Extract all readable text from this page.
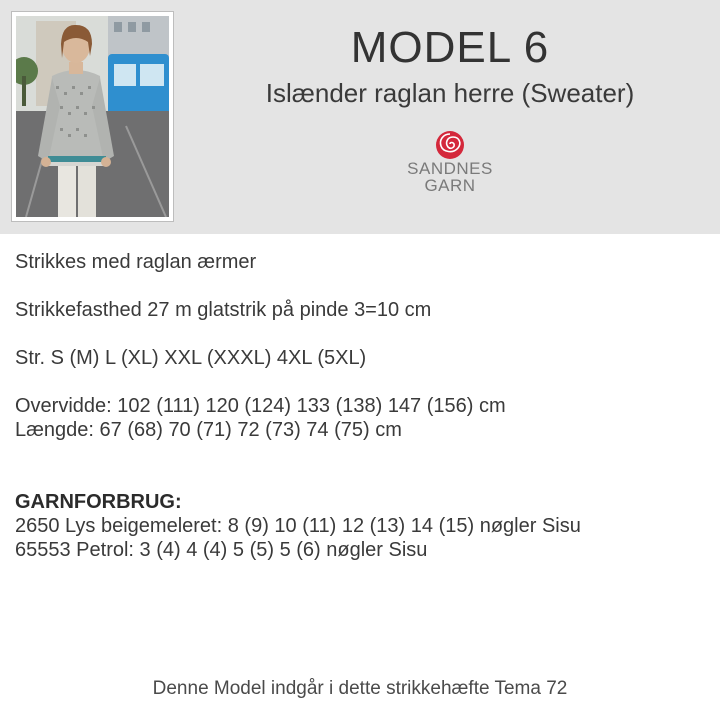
MODEL 6

Islænder raglan herre (Sweater)

SANDNES
GARN

Strikkes med raglan ærmer

Strikkefasthed 27 m glatstrik på pinde 3=10 cm

Str. S (M) L (XL) XXL (XXXL) 4XL (5XL)

Overvidde: 102 (111) 120 (124) 133 (138) 147 (156) cm

Længde: 67 (68) 70 (71) 72 (73) 74 (75) cm

GARNFORBRUG:

2650 Lys beigemeleret: 8 (9) 10 (11) 12 (13) 14 (15) nøgler Sisu

65553 Petrol: 3 (4) 4 (4) 5 (5) 5 (6) nøgler Sisu

Denne Model indgår i dette strikkehæfte Tema 72
